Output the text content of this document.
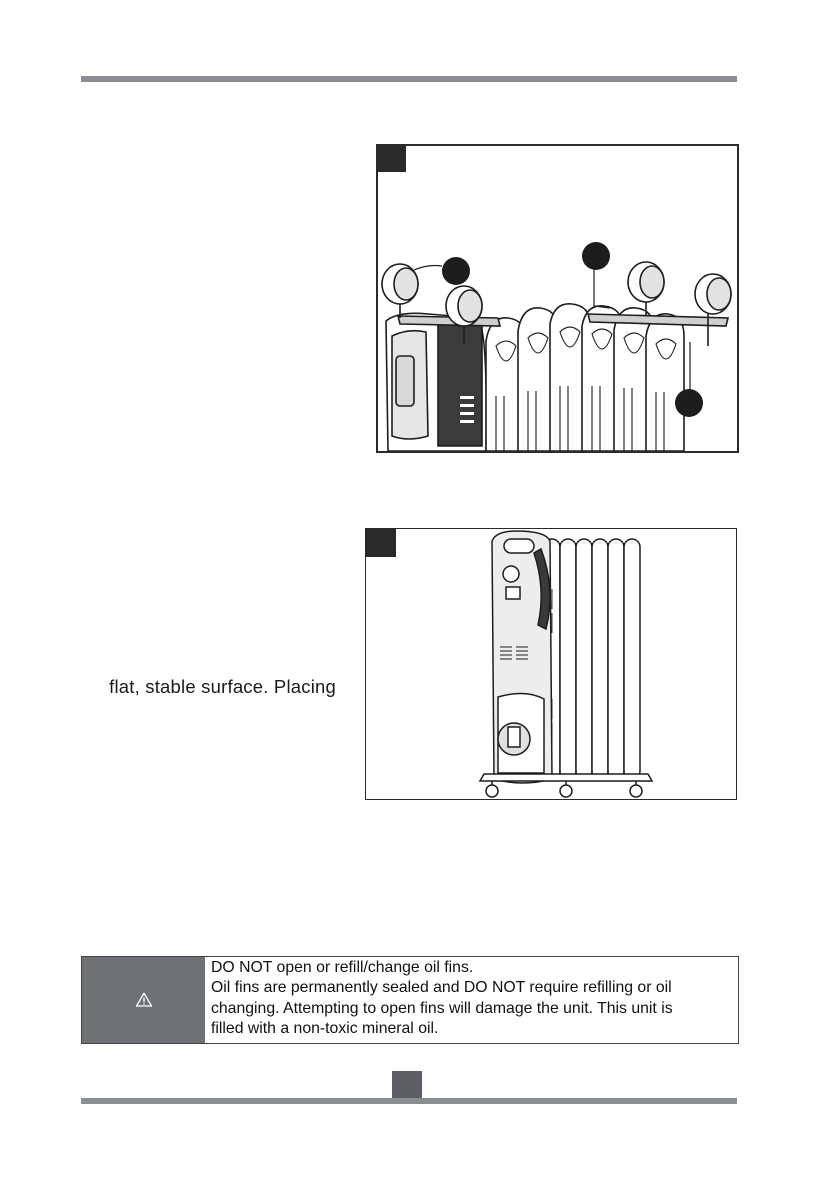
flat, stable surface. Placing
DO NOT open or refill/change oil fins.
Oil fins are permanently sealed and DO NOT require refilling or oil
changing. Attempting to open fins will damage the unit. This unit is
filled with a non-toxic mineral oil.
